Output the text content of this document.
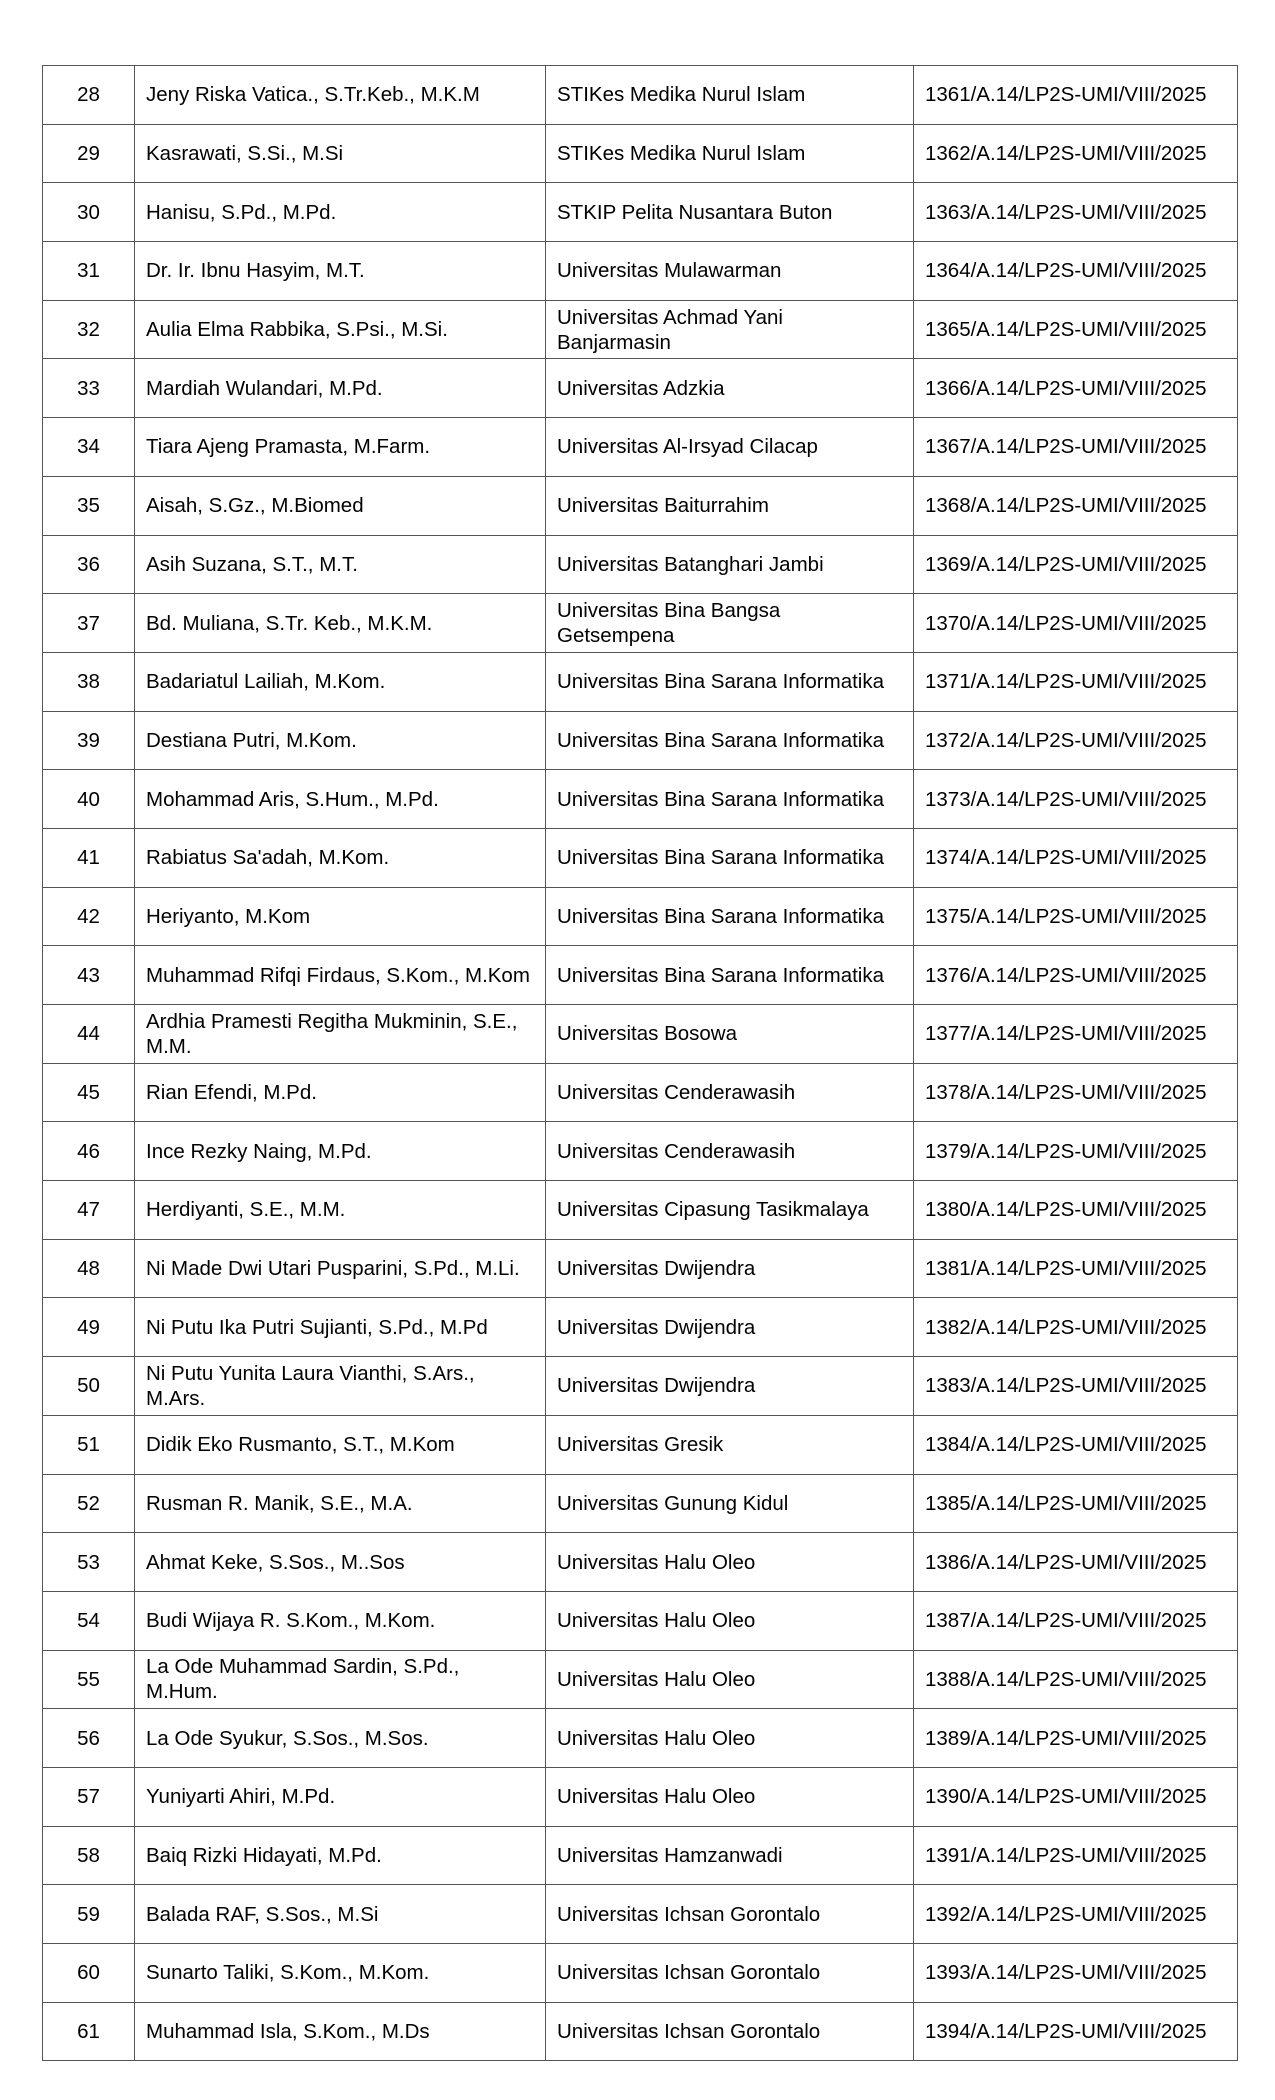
28	Jeny Riska Vatica., S.Tr.Keb., M.K.M	STIKes Medika Nurul Islam	1361/A.14/LP2S-UMI/VIII/2025
29	Kasrawati, S.Si., M.Si	STIKes Medika Nurul Islam	1362/A.14/LP2S-UMI/VIII/2025
30	Hanisu, S.Pd., M.Pd.	STKIP Pelita Nusantara Buton	1363/A.14/LP2S-UMI/VIII/2025
31	Dr. Ir. Ibnu Hasyim, M.T.	Universitas Mulawarman	1364/A.14/LP2S-UMI/VIII/2025
32	Aulia Elma Rabbika, S.Psi., M.Si.	Universitas Achmad Yani Banjarmasin	1365/A.14/LP2S-UMI/VIII/2025
33	Mardiah Wulandari, M.Pd.	Universitas Adzkia	1366/A.14/LP2S-UMI/VIII/2025
34	Tiara Ajeng Pramasta, M.Farm.	Universitas Al-Irsyad Cilacap	1367/A.14/LP2S-UMI/VIII/2025
35	Aisah, S.Gz., M.Biomed	Universitas Baiturrahim	1368/A.14/LP2S-UMI/VIII/2025
36	Asih Suzana, S.T., M.T.	Universitas Batanghari Jambi	1369/A.14/LP2S-UMI/VIII/2025
37	Bd. Muliana, S.Tr. Keb., M.K.M.	Universitas Bina Bangsa Getsempena	1370/A.14/LP2S-UMI/VIII/2025
38	Badariatul Lailiah, M.Kom.	Universitas Bina Sarana Informatika	1371/A.14/LP2S-UMI/VIII/2025
39	Destiana Putri, M.Kom.	Universitas Bina Sarana Informatika	1372/A.14/LP2S-UMI/VIII/2025
40	Mohammad Aris, S.Hum., M.Pd.	Universitas Bina Sarana Informatika	1373/A.14/LP2S-UMI/VIII/2025
41	Rabiatus Sa'adah, M.Kom.	Universitas Bina Sarana Informatika	1374/A.14/LP2S-UMI/VIII/2025
42	Heriyanto, M.Kom	Universitas Bina Sarana Informatika	1375/A.14/LP2S-UMI/VIII/2025
43	Muhammad Rifqi Firdaus, S.Kom., M.Kom	Universitas Bina Sarana Informatika	1376/A.14/LP2S-UMI/VIII/2025
44	Ardhia Pramesti Regitha Mukminin, S.E., M.M.	Universitas Bosowa	1377/A.14/LP2S-UMI/VIII/2025
45	Rian Efendi, M.Pd.	Universitas Cenderawasih	1378/A.14/LP2S-UMI/VIII/2025
46	Ince Rezky Naing, M.Pd.	Universitas Cenderawasih	1379/A.14/LP2S-UMI/VIII/2025
47	Herdiyanti, S.E., M.M.	Universitas Cipasung Tasikmalaya	1380/A.14/LP2S-UMI/VIII/2025
48	Ni Made Dwi Utari Pusparini, S.Pd., M.Li.	Universitas Dwijendra	1381/A.14/LP2S-UMI/VIII/2025
49	Ni Putu Ika Putri Sujianti, S.Pd., M.Pd	Universitas Dwijendra	1382/A.14/LP2S-UMI/VIII/2025
50	Ni Putu Yunita Laura Vianthi, S.Ars., M.Ars.	Universitas Dwijendra	1383/A.14/LP2S-UMI/VIII/2025
51	Didik Eko Rusmanto, S.T., M.Kom	Universitas Gresik	1384/A.14/LP2S-UMI/VIII/2025
52	Rusman R. Manik, S.E., M.A.	Universitas Gunung Kidul	1385/A.14/LP2S-UMI/VIII/2025
53	Ahmat Keke, S.Sos., M..Sos	Universitas Halu Oleo	1386/A.14/LP2S-UMI/VIII/2025
54	Budi Wijaya R. S.Kom., M.Kom.	Universitas Halu Oleo	1387/A.14/LP2S-UMI/VIII/2025
55	La Ode Muhammad Sardin, S.Pd., M.Hum.	Universitas Halu Oleo	1388/A.14/LP2S-UMI/VIII/2025
56	La Ode Syukur, S.Sos., M.Sos.	Universitas Halu Oleo	1389/A.14/LP2S-UMI/VIII/2025
57	Yuniyarti Ahiri, M.Pd.	Universitas Halu Oleo	1390/A.14/LP2S-UMI/VIII/2025
58	Baiq Rizki Hidayati, M.Pd.	Universitas Hamzanwadi	1391/A.14/LP2S-UMI/VIII/2025
59	Balada RAF, S.Sos., M.Si	Universitas Ichsan Gorontalo	1392/A.14/LP2S-UMI/VIII/2025
60	Sunarto Taliki, S.Kom., M.Kom.	Universitas Ichsan Gorontalo	1393/A.14/LP2S-UMI/VIII/2025
61	Muhammad Isla, S.Kom., M.Ds	Universitas Ichsan Gorontalo	1394/A.14/LP2S-UMI/VIII/2025
